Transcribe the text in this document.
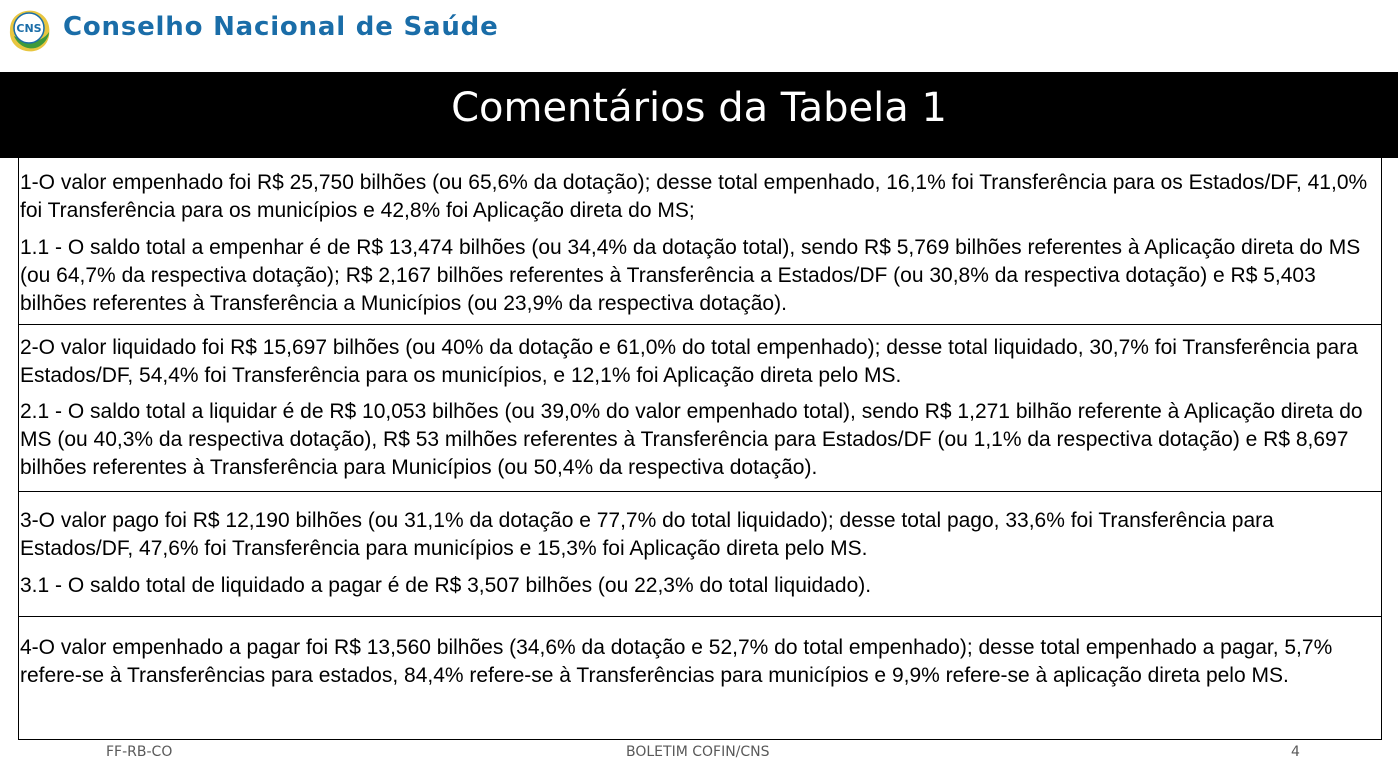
CNS Conselho Nacional de Saúde
Comentários da Tabela 1
1-O valor empenhado foi R$ 25,750 bilhões (ou 65,6% da dotação); desse total empenhado, 16,1% foi Transferência para os Estados/DF, 41,0% foi Transferência para os municípios e 42,8% foi Aplicação direta do MS;
1.1 - O saldo total a empenhar é de R$ 13,474 bilhões (ou 34,4% da dotação total), sendo R$ 5,769 bilhões referentes à Aplicação direta do MS (ou 64,7% da respectiva dotação); R$ 2,167 bilhões referentes à Transferência a Estados/DF (ou 30,8% da respectiva dotação) e R$ 5,403 bilhões referentes à Transferência a Municípios (ou 23,9% da respectiva dotação).
2-O valor liquidado foi R$ 15,697 bilhões (ou 40% da dotação e 61,0% do total empenhado); desse total liquidado, 30,7% foi Transferência para Estados/DF, 54,4% foi Transferência para os municípios, e 12,1% foi Aplicação direta pelo MS.
2.1 - O saldo total a liquidar é de R$ 10,053 bilhões (ou 39,0% do valor empenhado total), sendo R$ 1,271 bilhão referente à Aplicação direta do MS (ou 40,3% da respectiva dotação), R$ 53 milhões referentes à Transferência para Estados/DF (ou 1,1% da respectiva dotação) e R$ 8,697 bilhões referentes à Transferência para Municípios (ou 50,4% da respectiva dotação).
3-O valor pago foi R$ 12,190 bilhões (ou 31,1% da dotação e 77,7% do total liquidado); desse total pago, 33,6% foi Transferência para Estados/DF, 47,6% foi Transferência para municípios e 15,3% foi Aplicação direta pelo MS.
3.1 - O saldo total de liquidado a pagar é de R$ 3,507 bilhões (ou 22,3% do total liquidado).
4-O valor empenhado a pagar foi R$ 13,560 bilhões (34,6% da dotação e 52,7% do total empenhado); desse total empenhado a pagar, 5,7% refere-se à Transferências para estados, 84,4% refere-se à Transferências para municípios e 9,9% refere-se à aplicação direta pelo MS.
FF-RB-CO	BOLETIM COFIN/CNS	4
